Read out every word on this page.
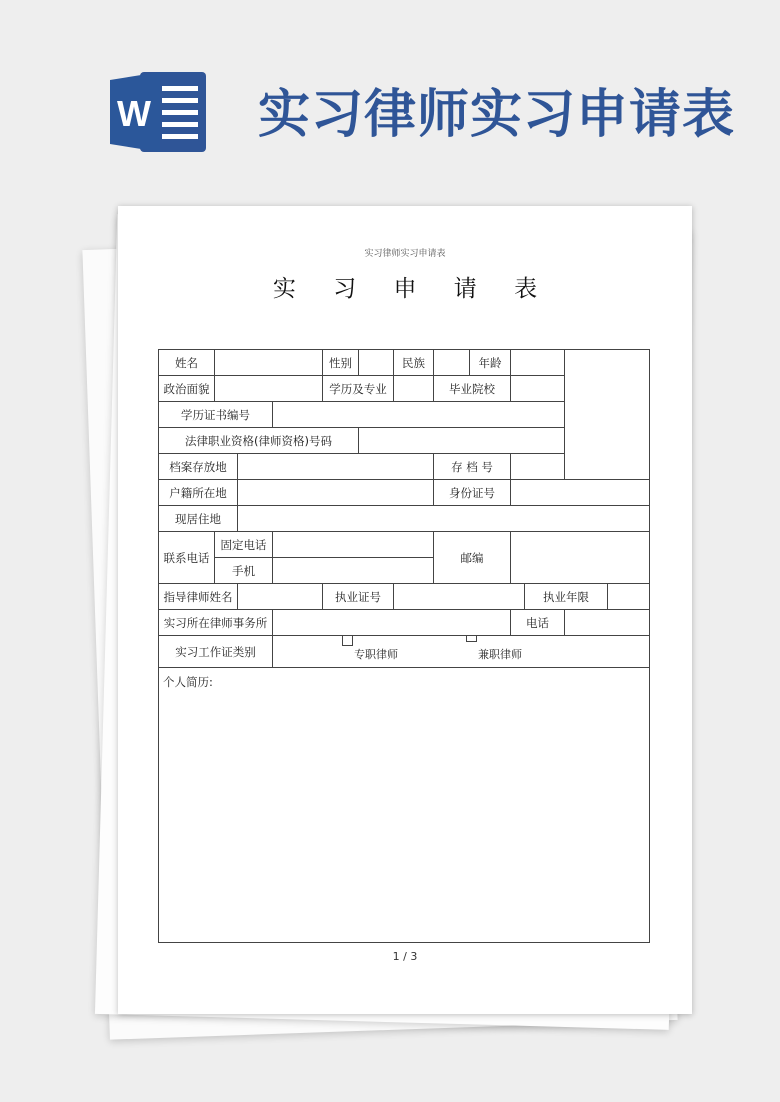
W 实习律师实习申请表
实习律师实习申请表
实 习 申 请 表
姓名				性别		民族		年龄				
政治面貌				学历及专业			毕业院校					
学历证书编号												
法律职业资格(律师资格)号码												
档案存放地							存 档 号					
户籍所在地							身份证号					
现居住地												
联系电话	固定电话						邮编					
	手机											
指导律师姓名				执业证号						执业年限		
实习所在律师事务所									电话			
实习工作证类别			专职律师 兼职律师									

个人简历:												
1 / 3
